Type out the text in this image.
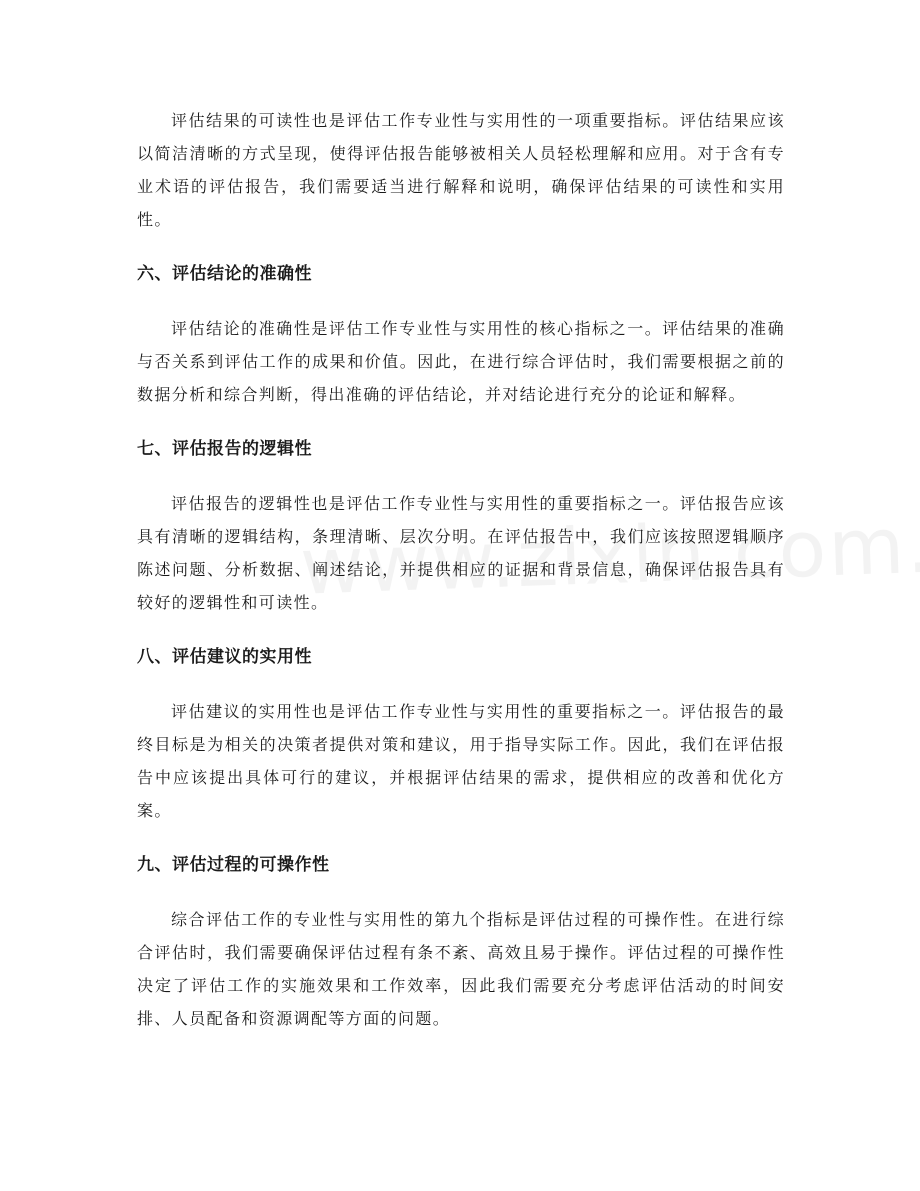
评估结果的可读性也是评估工作专业性与实用性的一项重要指标。评估结果应该以简洁清晰的方式呈现，使得评估报告能够被相关人员轻松理解和应用。对于含有专业术语的评估报告，我们需要适当进行解释和说明，确保评估结果的可读性和实用性。

六、评估结论的准确性

评估结论的准确性是评估工作专业性与实用性的核心指标之一。评估结果的准确与否关系到评估工作的成果和价值。因此，在进行综合评估时，我们需要根据之前的数据分析和综合判断，得出准确的评估结论，并对结论进行充分的论证和解释。

七、评估报告的逻辑性

评估报告的逻辑性也是评估工作专业性与实用性的重要指标之一。评估报告应该具有清晰的逻辑结构，条理清晰、层次分明。在评估报告中，我们应该按照逻辑顺序陈述问题、分析数据、阐述结论，并提供相应的证据和背景信息，确保评估报告具有较好的逻辑性和可读性。

八、评估建议的实用性

评估建议的实用性也是评估工作专业性与实用性的重要指标之一。评估报告的最终目标是为相关的决策者提供对策和建议，用于指导实际工作。因此，我们在评估报告中应该提出具体可行的建议，并根据评估结果的需求，提供相应的改善和优化方案。

九、评估过程的可操作性

综合评估工作的专业性与实用性的第九个指标是评估过程的可操作性。在进行综合评估时，我们需要确保评估过程有条不紊、高效且易于操作。评估过程的可操作性决定了评估工作的实施效果和工作效率，因此我们需要充分考虑评估活动的时间安排、人员配备和资源调配等方面的问题。
